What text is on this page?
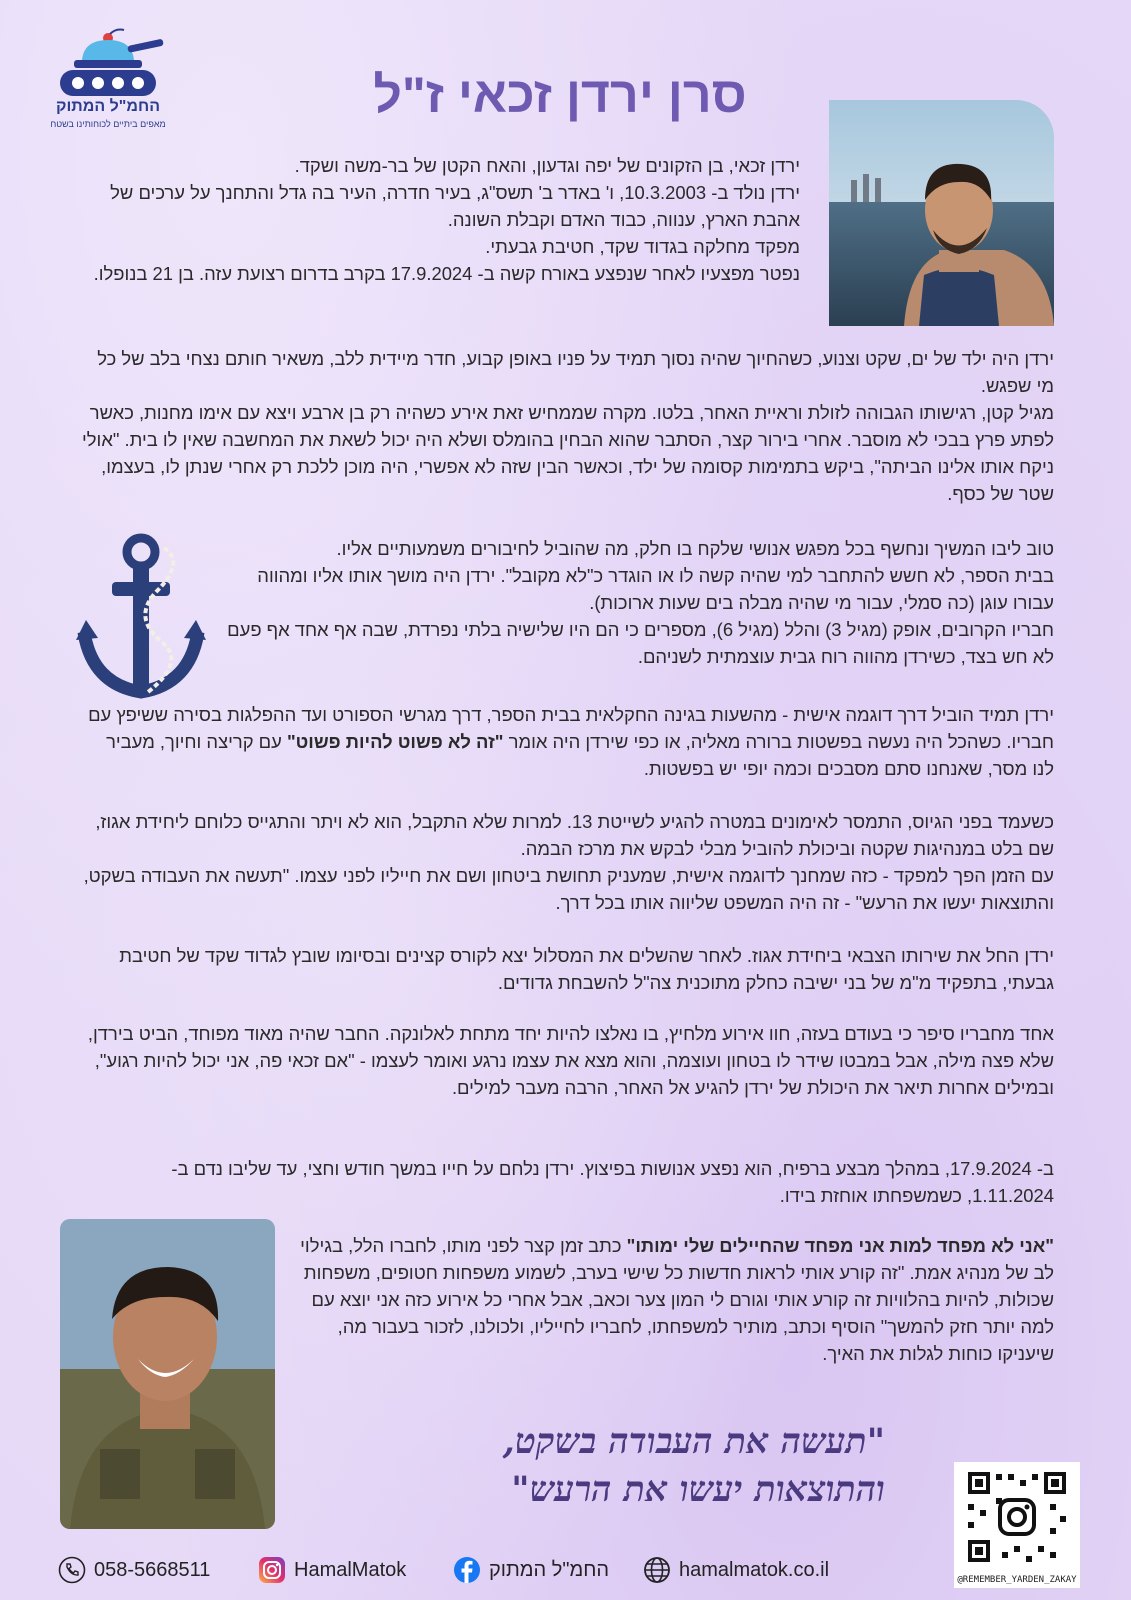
החמ"ל המתוק
מאפים ביתיים לכוחותינו בשטח
סרן ירדן זכאי ז"ל

ירדן זכאי, בן הזקונים של יפה וגדעון, והאח הקטן של בר-משה ושקד.

ירדן נולד ב- 10.3.2003, ו' באדר ב' תשס"ג, בעיר חדרה, העיר בה גדל והתחנך על ערכים של אהבת הארץ, ענווה, כבוד האדם וקבלת השונה.

מפקד מחלקה בגדוד שקד, חטיבת גבעתי.

נפטר מפצעיו לאחר שנפצע באורח קשה ב- 17.9.2024 בקרב בדרום רצועת עזה. בן 21 בנופלו.

ירדן היה ילד של ים, שקט וצנוע, כשהחיוך שהיה נסוך תמיד על פניו באופן קבוע, חדר מיידית ללב, משאיר חותם נצחי בלב של כל מי שפגש.

מגיל קטן, רגישותו הגבוהה לזולת וראיית האחר, בלטו. מקרה שממחיש זאת אירע כשהיה רק בן ארבע ויצא עם אימו מחנות, כאשר לפתע פרץ בבכי לא מוסבר. אחרי בירור קצר, הסתבר שהוא הבחין בהומלס ושלא היה יכול לשאת את המחשבה שאין לו בית. "אולי ניקח אותו אלינו הביתה", ביקש בתמימות קסומה של ילד, וכאשר הבין שזה לא אפשרי, היה מוכן ללכת רק אחרי שנתן לו, בעצמו, שטר של כסף.

טוב ליבו המשיך ונחשף בכל מפגש אנושי שלקח בו חלק, מה שהוביל לחיבורים משמעותיים אליו.

בבית הספר, לא חשש להתחבר למי שהיה קשה לו או הוגדר כ"לא מקובל". ירדן היה מושך אותו אליו ומהווה עבורו עוגן (כה סמלי, עבור מי שהיה מבלה בים שעות ארוכות).

חבריו הקרובים, אופק (מגיל 3) והלל (מגיל 6), מספרים כי הם היו שלישיה בלתי נפרדת, שבה אף אחד אף פעם לא חש בצד, כשירדן מהווה רוח גבית עוצמתית לשניהם.

ירדן תמיד הוביל דרך דוגמה אישית - מהשעות בגינה החקלאית בבית הספר, דרך מגרשי הספורט ועד ההפלגות בסירה ששיפץ עם חבריו. כשהכל היה נעשה בפשטות ברורה מאליה, או כפי שירדן היה אומר "זה לא פשוט להיות פשוט" עם קריצה וחיוך, מעביר לנו מסר, שאנחנו סתם מסבכים וכמה יופי יש בפשטות.

כשעמד בפני הגיוס, התמסר לאימונים במטרה להגיע לשייטת 13. למרות שלא התקבל, הוא לא ויתר והתגייס כלוחם ליחידת אגוז, שם בלט במנהיגות שקטה וביכולת להוביל מבלי לבקש את מרכז הבמה.

עם הזמן הפך למפקד - כזה שמחנך לדוגמה אישית, שמעניק תחושת ביטחון ושם את חייליו לפני עצמו. "תעשה את העבודה בשקט, והתוצאות יעשו את הרעש" - זה היה המשפט שליווה אותו בכל דרך.

ירדן החל את שירותו הצבאי ביחידת אגוז. לאחר שהשלים את המסלול יצא לקורס קצינים ובסיומו שובץ לגדוד שקד של חטיבת גבעתי, בתפקיד מ"מ של בני ישיבה כחלק מתוכנית צה"ל להשבחת גדודים.

אחד מחבריו סיפר כי בעודם בעזה, חוו אירוע מלחיץ, בו נאלצו להיות יחד מתחת לאלונקה. החבר שהיה מאוד מפוחד, הביט בירדן, שלא פצה מילה, אבל במבטו שידר לו בטחון ועוצמה, והוא מצא את עצמו נרגע ואומר לעצמו - "אם זכאי פה, אני יכול להיות רגוע", ובמילים אחרות תיאר את היכולת של ירדן להגיע אל האחר, הרבה מעבר למילים.

ב- 17.9.2024, במהלך מבצע ברפיח, הוא נפצע אנושות בפיצוץ. ירדן נלחם על חייו במשך חודש וחצי, עד שליבו נדם ב- 1.11.2024, כשמשפחתו אוחזת בידו.

"אני לא מפחד למות אני מפחד שהחיילים שלי ימותו" כתב זמן קצר לפני מותו, לחברו הלל, בגילוי לב של מנהיג אמת. "זה קורע אותי לראות חדשות כל שישי בערב, לשמוע משפחות חטופים, משפחות שכולות, להיות בהלוויות זה קורע אותי וגורם לי המון צער וכאב, אבל אחרי כל אירוע כזה אני יוצא עם למה יותר חזק להמשך" הוסיף וכתב, מותיר למשפחתו, לחבריו לחייליו, ולכולנו, לזכור בעבור מה, שיעניקו כוחות לגלות את האיך.

"תעשה את העבודה בשקט,
והתוצאות יעשו את הרעש"
@REMEMBER_YARDEN_ZAKAY
058-5668511	HamalMatok	החמ"ל המתוק	hamalmatok.co.il
